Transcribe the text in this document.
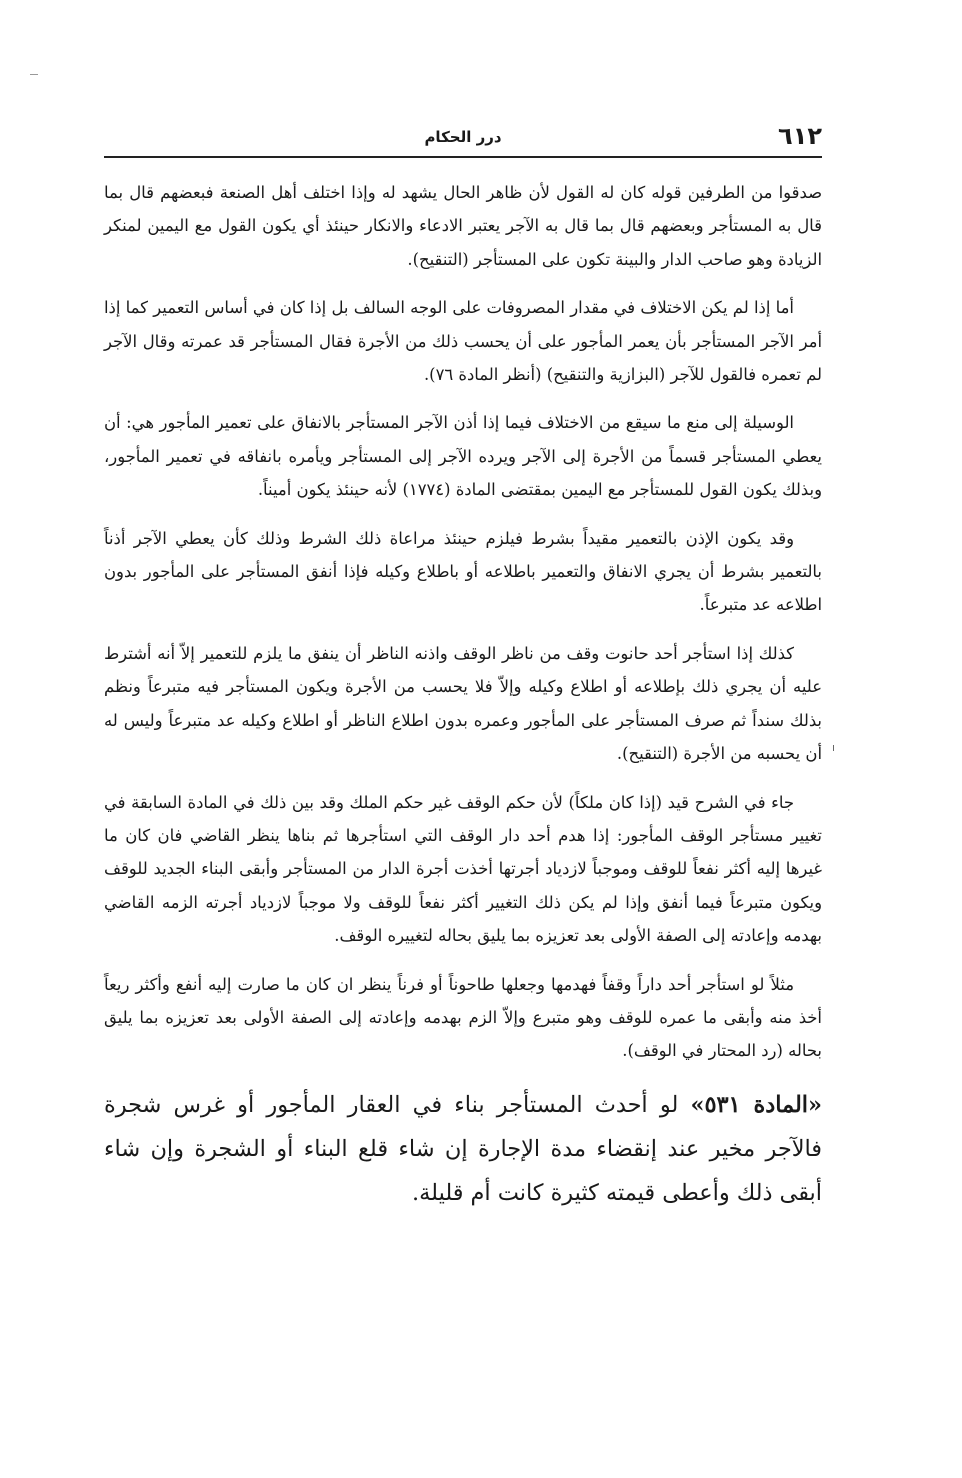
٦١٢
درر الحكام

صدقوا من الطرفين قوله كان له القول لأن ظاهر الحال يشهد له وإذا اختلف أهل الصنعة فبعضهم قال بما قال به المستأجر وبعضهم قال بما قال به الآجر يعتبر الادعاء والانكار حينئذ أي يكون القول مع اليمين لمنكر الزيادة وهو صاحب الدار والبينة تكون على المستأجر (التنقيح).

أما إذا لم يكن الاختلاف في مقدار المصروفات على الوجه السالف بل إذا كان في أساس التعمير كما إذا أمر الآجر المستأجر بأن يعمر المأجور على أن يحسب ذلك من الأجرة فقال المستأجر قد عمرته وقال الآجر لم تعمره فالقول للآجر (البزازية والتنقيح) (أنظر المادة ٧٦).

الوسيلة إلى منع ما سيقع من الاختلاف فيما إذا أذن الآجر المستأجر بالانفاق على تعمير المأجور هي: أن يعطي المستأجر قسماً من الأجرة إلى الآجر ويرده الآجر إلى المستأجر ويأمره بانفاقه في تعمير المأجور، وبذلك يكون القول للمستأجر مع اليمين بمقتضى المادة (١٧٧٤) لأنه حينئذ يكون أميناً.

وقد يكون الإذن بالتعمير مقيداً بشرط فيلزم حينئذ مراعاة ذلك الشرط وذلك كأن يعطي الآجر أذناً بالتعمير بشرط أن يجري الانفاق والتعمير باطلاعه أو باطلاع وكيله فإذا أنفق المستأجر على المأجور بدون اطلاعه عد متبرعاً.

كذلك إذا استأجر أحد حانوت وقف من ناظر الوقف واذنه الناظر أن ينفق ما يلزم للتعمير إلاّ أنه أشترط عليه أن يجري ذلك بإطلاعه أو اطلاع وكيله وإلاّ فلا يحسب من الأجرة ويكون المستأجر فيه متبرعاً ونظم بذلك سنداً ثم صرف المستأجر على المأجور وعمره بدون اطلاع الناظر أو اطلاع وكيله عد متبرعاً وليس له أن يحسبه من الأجرة (التنقيح).

جاء في الشرح قيد (إذا كان ملكاً) لأن حكم الوقف غير حكم الملك وقد بين ذلك في المادة السابقة في تغيير مستأجر الوقف المأجور: إذا هدم أحد دار الوقف التي استأجرها ثم بناها ينظر القاضي فان كان ما غيرها إليه أكثر نفعاً للوقف وموجباً لازدياد أجرتها أخذت أجرة الدار من المستأجر وأبقى البناء الجديد للوقف ويكون متبرعاً فيما أنفق وإذا لم يكن ذلك التغيير أكثر نفعاً للوقف ولا موجباً لازدياد أجرته الزمه القاضي بهدمه وإعادته إلى الصفة الأولى بعد تعزيزه بما يليق بحاله لتغييره الوقف.

مثلاً لو استأجر أحد داراً وقفاً فهدمها وجعلها طاحوناً أو فرناً ينظر ان كان ما صارت إليه أنفع وأكثر ريعاً أخذ منه وأبقى ما عمره للوقف وهو متبرع وإلاّ الزم بهدمه وإعادته إلى الصفة الأولى بعد تعزيزه بما يليق بحاله (رد المحتار في الوقف).

«المادة ٥٣١» لو أحدث المستأجر بناء في العقار المأجور أو غرس شجرة فالآجر مخير عند إنقضاء مدة الإجارة إن شاء قلع البناء أو الشجرة وإن شاء أبقى ذلك وأعطى قيمته كثيرة كانت أم قليلة.
